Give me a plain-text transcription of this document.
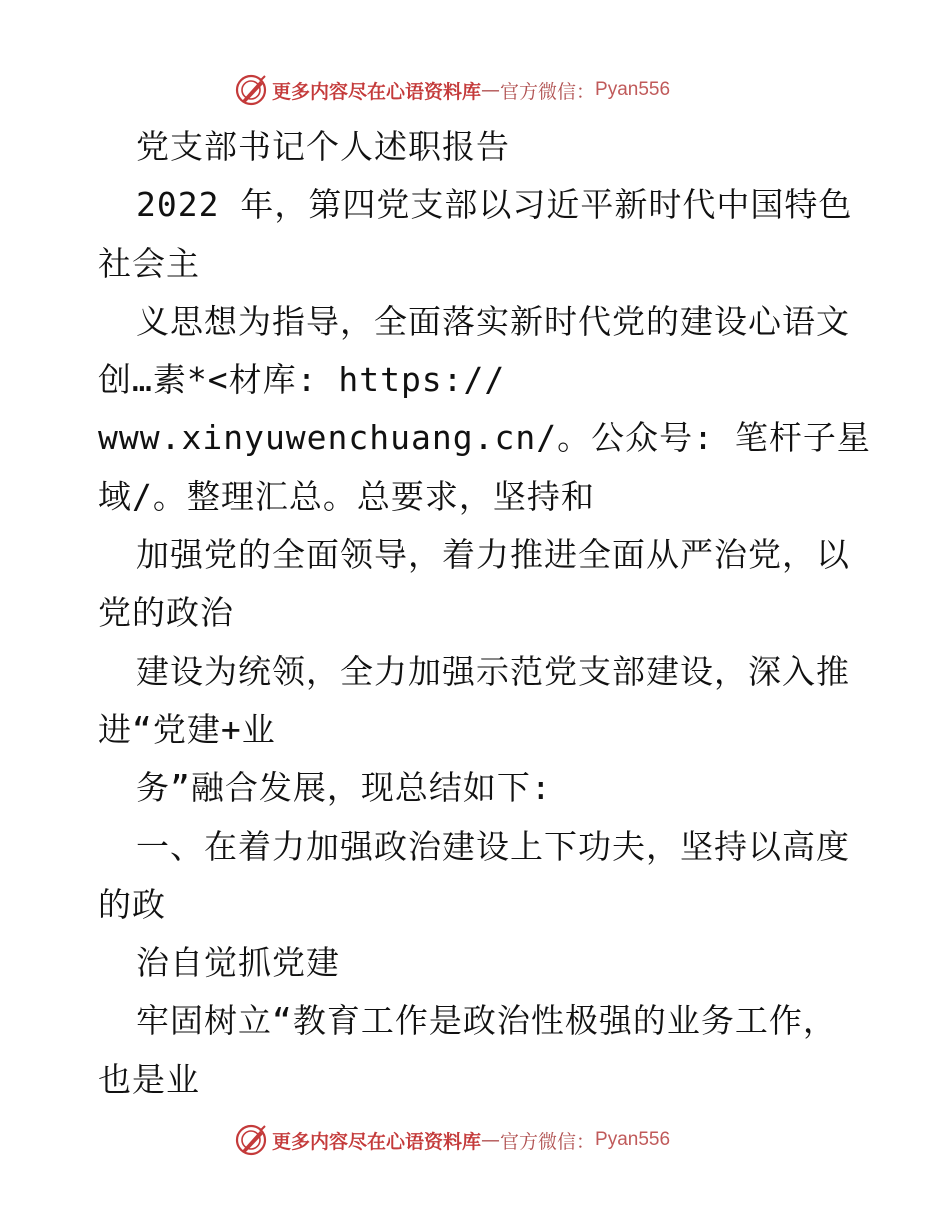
更多内容尽在心语资料库 — 官方微信： Pyan556
党支部书记个人述职报告
2022 年，第四党支部以习近平新时代中国特色
社会主
义思想为指导，全面落实新时代党的建设心语文
创…素*<材库: https://
www.xinyuwenchuang.cn/。公众号: 笔杆子星
域/。整理汇总。总要求，坚持和
加强党的全面领导，着力推进全面从严治党，以
党的政治
建设为统领，全力加强示范党支部建设，深入推
进“党建+业
务”融合发展，现总结如下:
一、在着力加强政治建设上下功夫，坚持以高度
的政
治自觉抓党建
牢固树立“教育工作是政治性极强的业务工作，
也是业
更多内容尽在心语资料库 — 官方微信： Pyan556
